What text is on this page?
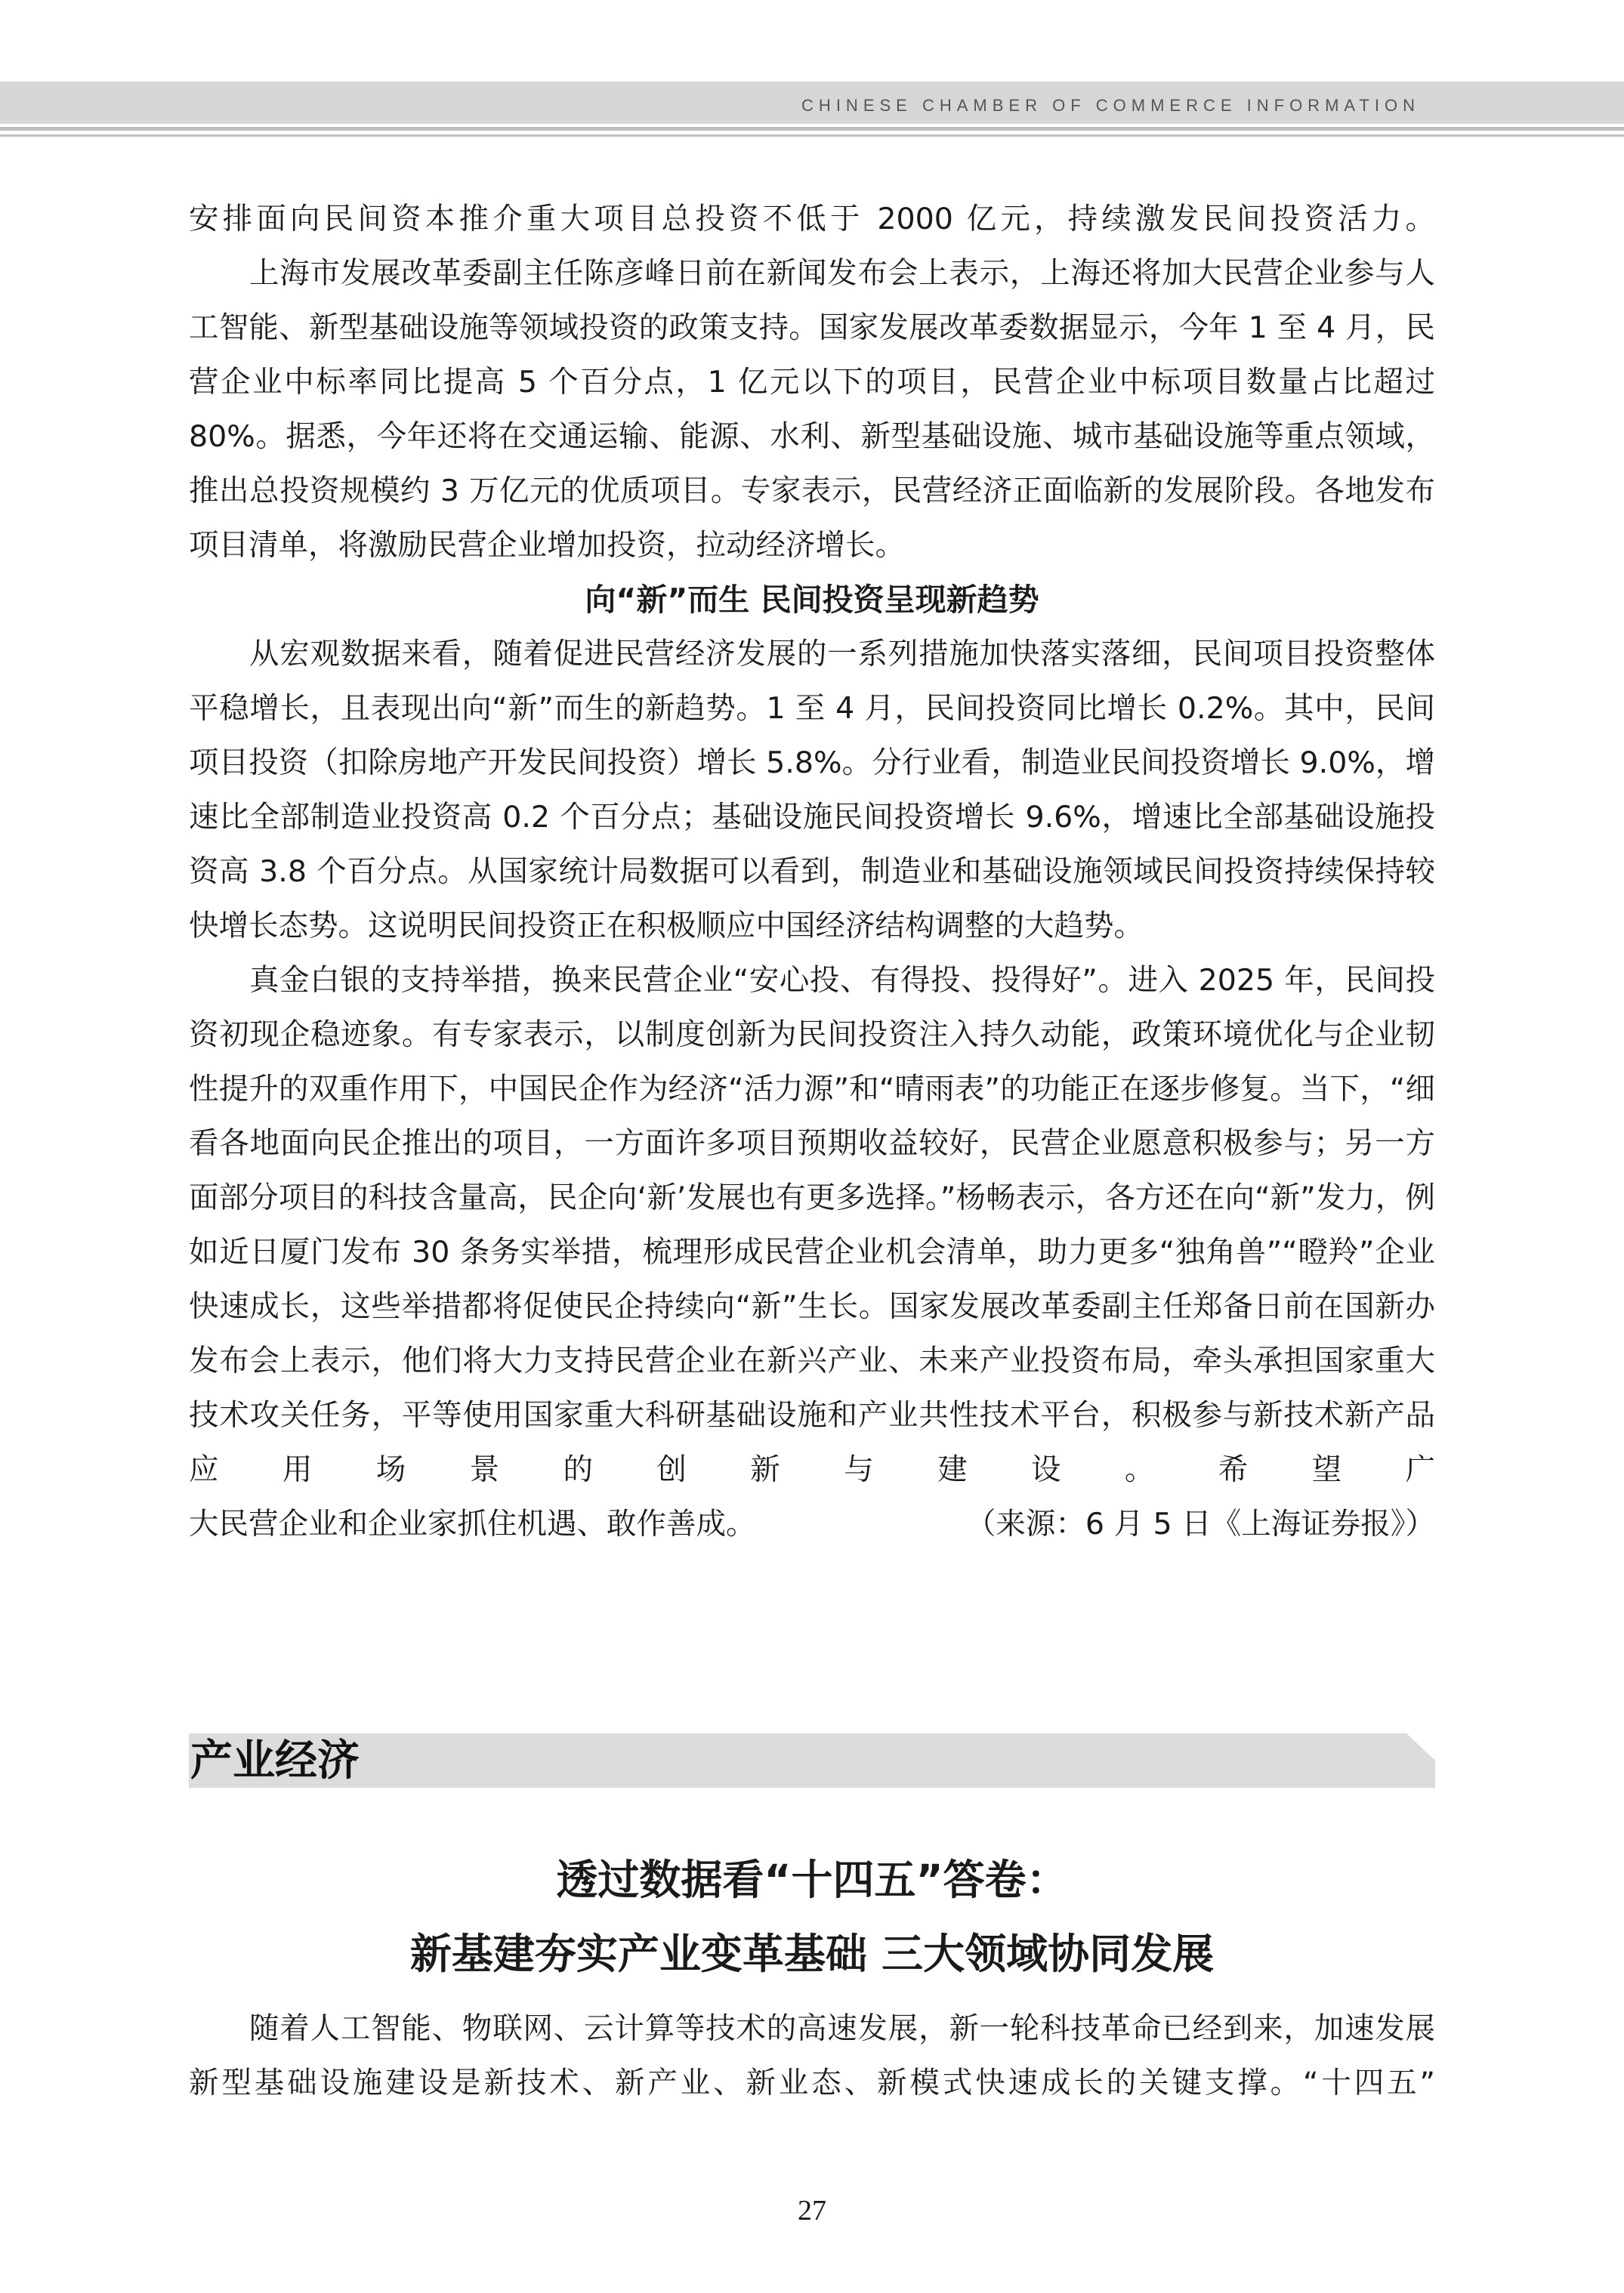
CHINESE CHAMBER OF COMMERCE INFORMATION

安排面向民间资本推介重大项目总投资不低于 2000 亿元，持续激发民间投资活力。

上海市发展改革委副主任陈彦峰日前在新闻发布会上表示，上海还将加大民营企业参与人工智能、新型基础设施等领域投资的政策支持。国家发展改革委数据显示，今年 1 至 4 月，民营企业中标率同比提高 5 个百分点，1 亿元以下的项目，民营企业中标项目数量占比超过 80%。据悉，今年还将在交通运输、能源、水利、新型基础设施、城市基础设施等重点领域，推出总投资规模约 3 万亿元的优质项目。专家表示，民营经济正面临新的发展阶段。各地发布项目清单，将激励民营企业增加投资，拉动经济增长。

向“新”而生 民间投资呈现新趋势

从宏观数据来看，随着促进民营经济发展的一系列措施加快落实落细，民间项目投资整体平稳增长，且表现出向“新”而生的新趋势。1 至 4 月，民间投资同比增长 0.2%。其中，民间项目投资（扣除房地产开发民间投资）增长 5.8%。分行业看，制造业民间投资增长 9.0%，增速比全部制造业投资高 0.2 个百分点；基础设施民间投资增长 9.6%，增速比全部基础设施投资高 3.8 个百分点。从国家统计局数据可以看到，制造业和基础设施领域民间投资持续保持较快增长态势。这说明民间投资正在积极顺应中国经济结构调整的大趋势。

真金白银的支持举措，换来民营企业“安心投、有得投、投得好”。进入 2025 年，民间投资初现企稳迹象。有专家表示，以制度创新为民间投资注入持久动能，政策环境优化与企业韧性提升的双重作用下，中国民企作为经济“活力源”和“晴雨表”的功能正在逐步修复。当下，“细看各地面向民企推出的项目，一方面许多项目预期收益较好，民营企业愿意积极参与；另一方面部分项目的科技含量高，民企向‘新’发展也有更多选择。”杨畅表示，各方还在向“新”发力，例如近日厦门发布 30 条务实举措，梳理形成民营企业机会清单，助力更多“独角兽”“瞪羚”企业快速成长，这些举措都将促使民企持续向“新”生长。国家发展改革委副主任郑备日前在国新办发布会上表示，他们将大力支持民营企业在新兴产业、未来产业投资布局，牵头承担国家重大技术攻关任务，平等使用国家重大科研基础设施和产业共性技术平台，积极参与新技术新产品应用场景的创新与建设。希望广

大民营企业和企业家抓住机遇、敢作善成。	（来源：6 月 5 日《上海证券报》）
产业经济
透过数据看“十四五”答卷：
新基建夯实产业变革基础 三大领域协同发展

随着人工智能、物联网、云计算等技术的高速发展，新一轮科技革命已经到来，加速发展新型基础设施建设是新技术、新产业、新业态、新模式快速成长的关键支撑。“十四五”

27
